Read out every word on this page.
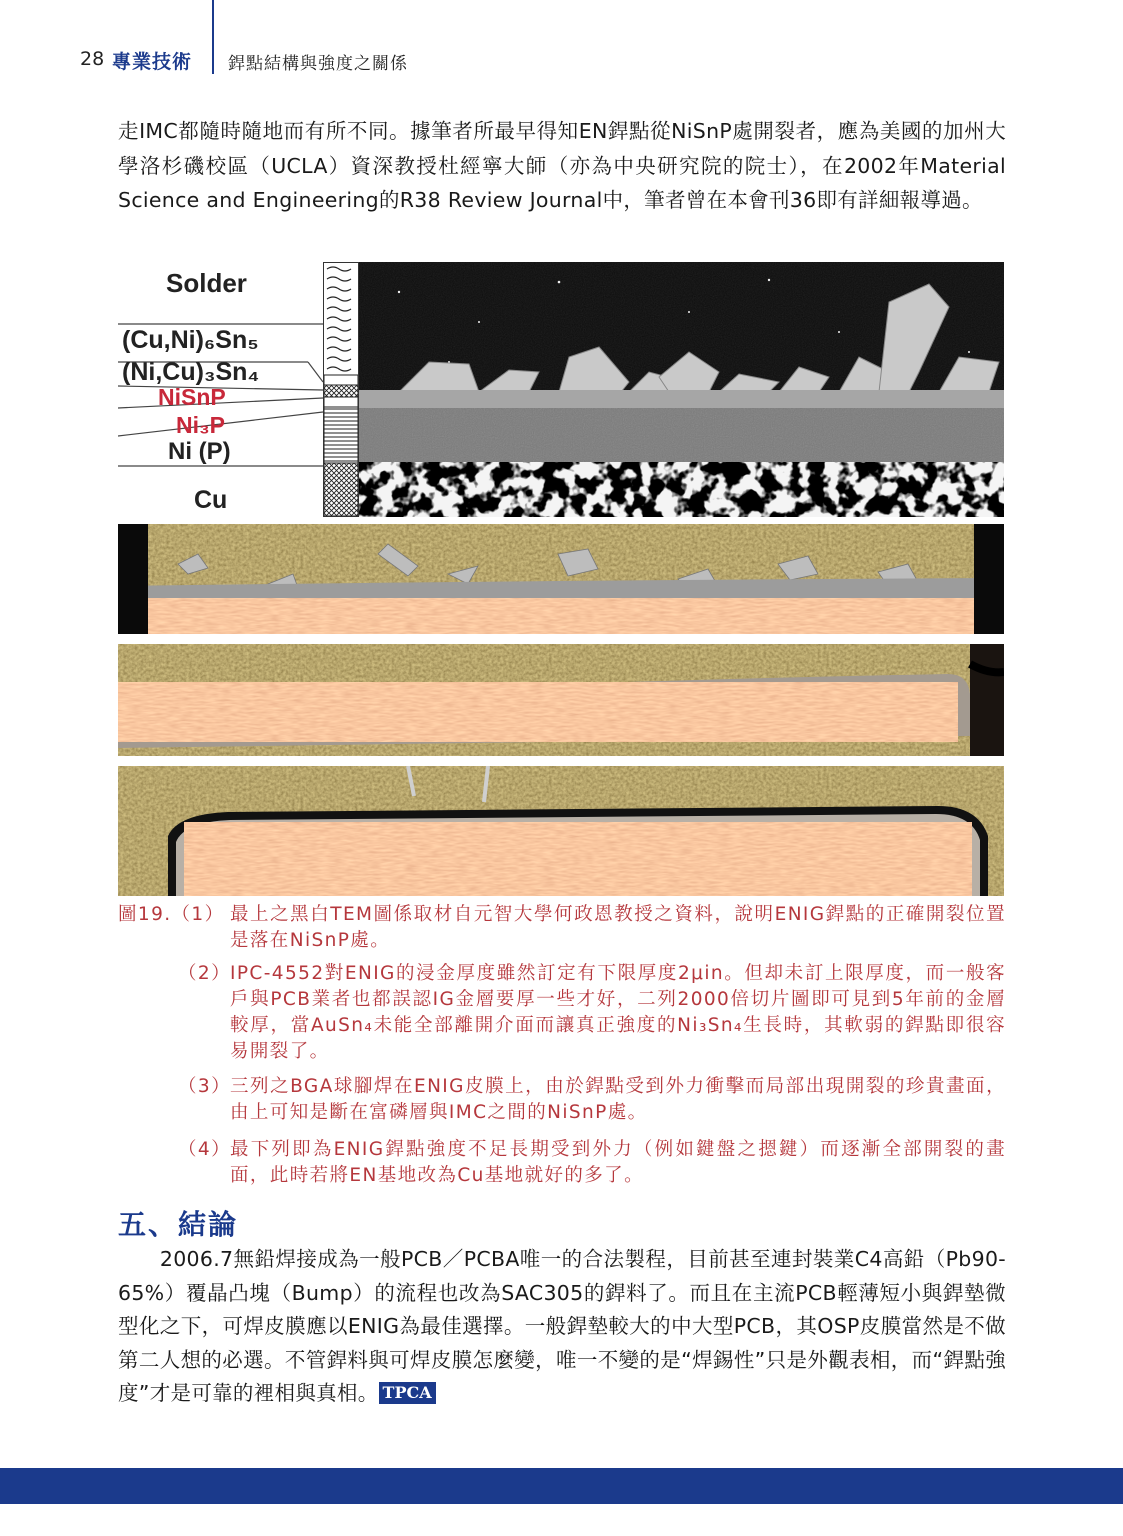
28 專業技術 銲點結構與強度之關係

走IMC都隨時隨地而有所不同。據筆者所最早得知EN銲點從NiSnP處開裂者，應為美國的加州大學洛杉磯校區（UCLA）資深教授杜經寧大師（亦為中央研究院的院士），在2002年Material Science and Engineering的R38 Review Journal中，筆者曾在本會刊36即有詳細報導過。

Solder
(Cu,Ni)₆Sn₅
(Ni,Cu)₃Sn₄
NiSnP
Ni₃P
Ni (P)
Cu
圖19.（1） 最上之黑白TEM圖係取材自元智大學何政恩教授之資料，說明ENIG銲點的正確開裂位置是落在NiSnP處。
（2） IPC-4552對ENIG的浸金厚度雖然訂定有下限厚度2μin。但却未訂上限厚度，而一般客戶與PCB業者也都誤認IG金層要厚一些才好，二列2000倍切片圖即可見到5年前的金層較厚，當AuSn₄未能全部離開介面而讓真正強度的Ni₃Sn₄生長時，其軟弱的銲點即很容易開裂了。
（3） 三列之BGA球腳焊在ENIG皮膜上，由於銲點受到外力衝擊而局部出現開裂的珍貴畫面，由上可知是斷在富磷層與IMC之間的NiSnP處。
（4） 最下列即為ENIG銲點強度不足長期受到外力（例如鍵盤之摁鍵）而逐漸全部開裂的畫面，此時若將EN基地改為Cu基地就好的多了。
五、結論

　　2006.7無鉛焊接成為一般PCB／PCBA唯一的合法製程，目前甚至連封裝業C4高鉛（Pb90-65%）覆晶凸塊（Bump）的流程也改為SAC305的銲料了。而且在主流PCB輕薄短小與銲墊微型化之下，可焊皮膜應以ENIG為最佳選擇。一般銲墊較大的中大型PCB，其OSP皮膜當然是不做第二人想的必選。不管銲料與可焊皮膜怎麼變，唯一不變的是“焊錫性”只是外觀表相，而“銲點強度”才是可靠的裡相與真相。 TPCA
